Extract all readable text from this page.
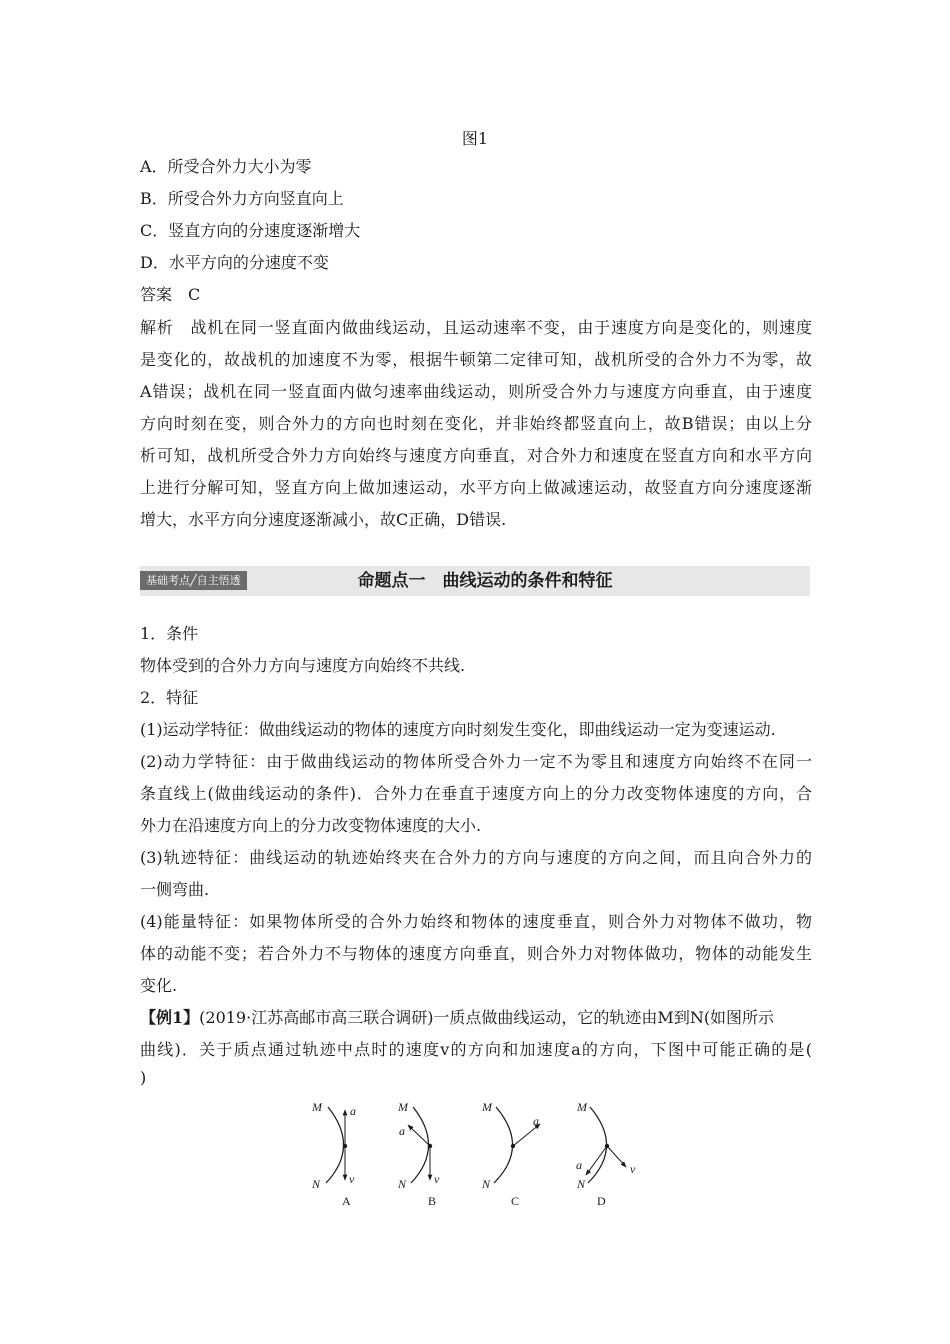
图1
A．所受合外力大小为零
B．所受合外力方向竖直向上
C．竖直方向的分速度逐渐增大
D．水平方向的分速度不变
答案　C
解析　战机在同一竖直面内做曲线运动，且运动速率不变，由于速度方向是变化的，则速度
是变化的，故战机的加速度不为零，根据牛顿第二定律可知，战机所受的合外力不为零，故
A错误；战机在同一竖直面内做匀速率曲线运动，则所受合外力与速度方向垂直，由于速度
方向时刻在变，则合外力的方向也时刻在变化，并非始终都竖直向上，故B错误；由以上分
析可知，战机所受合外力方向始终与速度方向垂直，对合外力和速度在竖直方向和水平方向
上进行分解可知，竖直方向上做加速运动，水平方向上做减速运动，故竖直方向分速度逐渐
增大，水平方向分速度逐渐减小，故C正确，D错误.
命题点一　曲线运动的条件和特征
基础考点╱自主悟透
1．条件
物体受到的合外力方向与速度方向始终不共线.
2．特征
(1)运动学特征：做曲线运动的物体的速度方向时刻发生变化，即曲线运动一定为变速运动.
(2)动力学特征：由于做曲线运动的物体所受合外力一定不为零且和速度方向始终不在同一
条直线上(做曲线运动的条件)．合外力在垂直于速度方向上的分力改变物体速度的方向，合
外力在沿速度方向上的分力改变物体速度的大小.
(3)轨迹特征：曲线运动的轨迹始终夹在合外力的方向与速度的方向之间，而且向合外力的
一侧弯曲.
(4)能量特征：如果物体所受的合外力始终和物体的速度垂直，则合外力对物体不做功，物
体的动能不变；若合外力不与物体的速度方向垂直，则合外力对物体做功，物体的动能发生
变化.
【例1】(2019·江苏高邮市高三联合调研)一质点做曲线运动，它的轨迹由M到N(如图所示
曲线)．关于质点通过轨迹中点时的速度v的方向和加速度a的方向，下图中可能正确的是(
)
M
N
a
v
A
M
N
a
v
B
M
N
a
C
M
N
a	v
D
